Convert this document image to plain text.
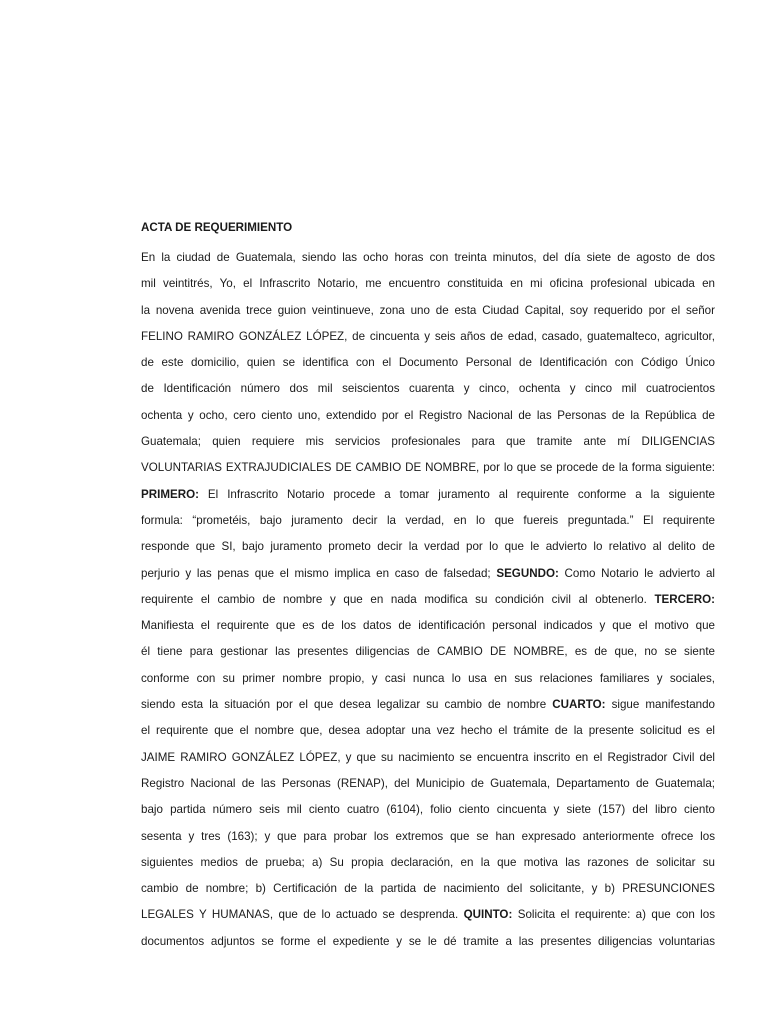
ACTA DE REQUERIMIENTO
En la ciudad de Guatemala, siendo las ocho horas con treinta minutos, del día siete de agosto de dos
mil veintitrés, Yo, el Infrascrito Notario, me encuentro constituida en mi oficina profesional ubicada en
la novena avenida trece guion veintinueve, zona uno de esta Ciudad Capital, soy requerido por el señor
FELINO RAMIRO GONZÁLEZ LÓPEZ, de cincuenta y seis años de edad, casado, guatemalteco, agricultor,
de este domicilio, quien se identifica con el Documento Personal de Identificación con Código Único
de Identificación número dos mil seiscientos cuarenta y cinco, ochenta y cinco mil cuatrocientos
ochenta y ocho, cero ciento uno, extendido por el Registro Nacional de las Personas de la República de
Guatemala; quien requiere mis servicios profesionales para que tramite ante mí DILIGENCIAS
VOLUNTARIAS EXTRAJUDICIALES DE CAMBIO DE NOMBRE, por lo que se procede de la forma siguiente:
PRIMERO: El Infrascrito Notario procede a tomar juramento al requirente conforme a la siguiente
formula: “prometéis, bajo juramento decir la verdad, en lo que fuereis preguntada.” El requirente
responde que SI, bajo juramento prometo decir la verdad por lo que le advierto lo relativo al delito de
perjurio y las penas que el mismo implica en caso de falsedad; SEGUNDO: Como Notario le advierto al
requirente el cambio de nombre y que en nada modifica su condición civil al obtenerlo. TERCERO:
Manifiesta el requirente que es de los datos de identificación personal indicados y que el motivo que
él tiene para gestionar las presentes diligencias de CAMBIO DE NOMBRE, es de que, no se siente
conforme con su primer nombre propio, y casi nunca lo usa en sus relaciones familiares y sociales,
siendo esta la situación por el que desea legalizar su cambio de nombre CUARTO: sigue manifestando
el requirente que el nombre que, desea adoptar una vez hecho el trámite de la presente solicitud es el
JAIME RAMIRO GONZÁLEZ LÓPEZ, y que su nacimiento se encuentra inscrito en el Registrador Civil del
Registro Nacional de las Personas (RENAP), del Municipio de Guatemala, Departamento de Guatemala;
bajo partida número seis mil ciento cuatro (6104), folio ciento cincuenta y siete (157) del libro ciento
sesenta y tres (163); y que para probar los extremos que se han expresado anteriormente ofrece los
siguientes medios de prueba; a) Su propia declaración, en la que motiva las razones de solicitar su
cambio de nombre; b) Certificación de la partida de nacimiento del solicitante, y b) PRESUNCIONES
LEGALES Y HUMANAS, que de lo actuado se desprenda. QUINTO: Solicita el requirente: a) que con los
documentos adjuntos se forme el expediente y se le dé tramite a las presentes diligencias voluntarias
